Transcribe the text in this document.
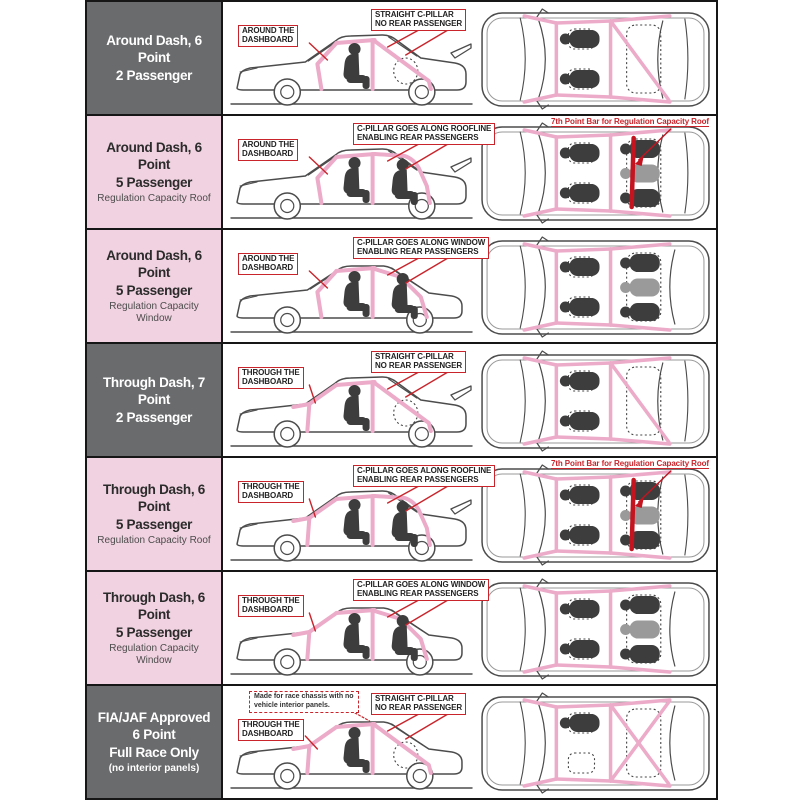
Around Dash, 6 Point
2 Passenger
AROUND THE
DASHBOARD
STRAIGHT C-PILLAR
NO REAR PASSENGER
Around Dash, 6 Point
5 Passenger
Regulation Capacity Roof
AROUND THE
DASHBOARD
C-PILLAR GOES ALONG ROOFLINE
ENABLING REAR PASSENGERS
7th Point Bar for Regulation Capacity Roof
Around Dash, 6 Point
5 Passenger
Regulation Capacity Window
AROUND THE
DASHBOARD
C-PILLAR GOES ALONG WINDOW
ENABLING REAR PASSENGERS
Through Dash, 7 Point
2 Passenger
THROUGH THE
DASHBOARD
STRAIGHT C-PILLAR
NO REAR PASSENGER
Through Dash, 6 Point
5 Passenger
Regulation Capacity Roof
THROUGH THE
DASHBOARD
C-PILLAR GOES ALONG ROOFLINE
ENABLING REAR PASSENGERS
7th Point Bar for Regulation Capacity Roof
Through Dash, 6 Point
5 Passenger
Regulation Capacity Window
THROUGH THE
DASHBOARD
C-PILLAR GOES ALONG WINDOW
ENABLING REAR PASSENGERS
FIA/JAF Approved
6 Point
Full Race Only
(no interior panels)
THROUGH THE
DASHBOARD
STRAIGHT C-PILLAR
NO REAR PASSENGER
Made for race chassis with no
vehicle interior panels.
